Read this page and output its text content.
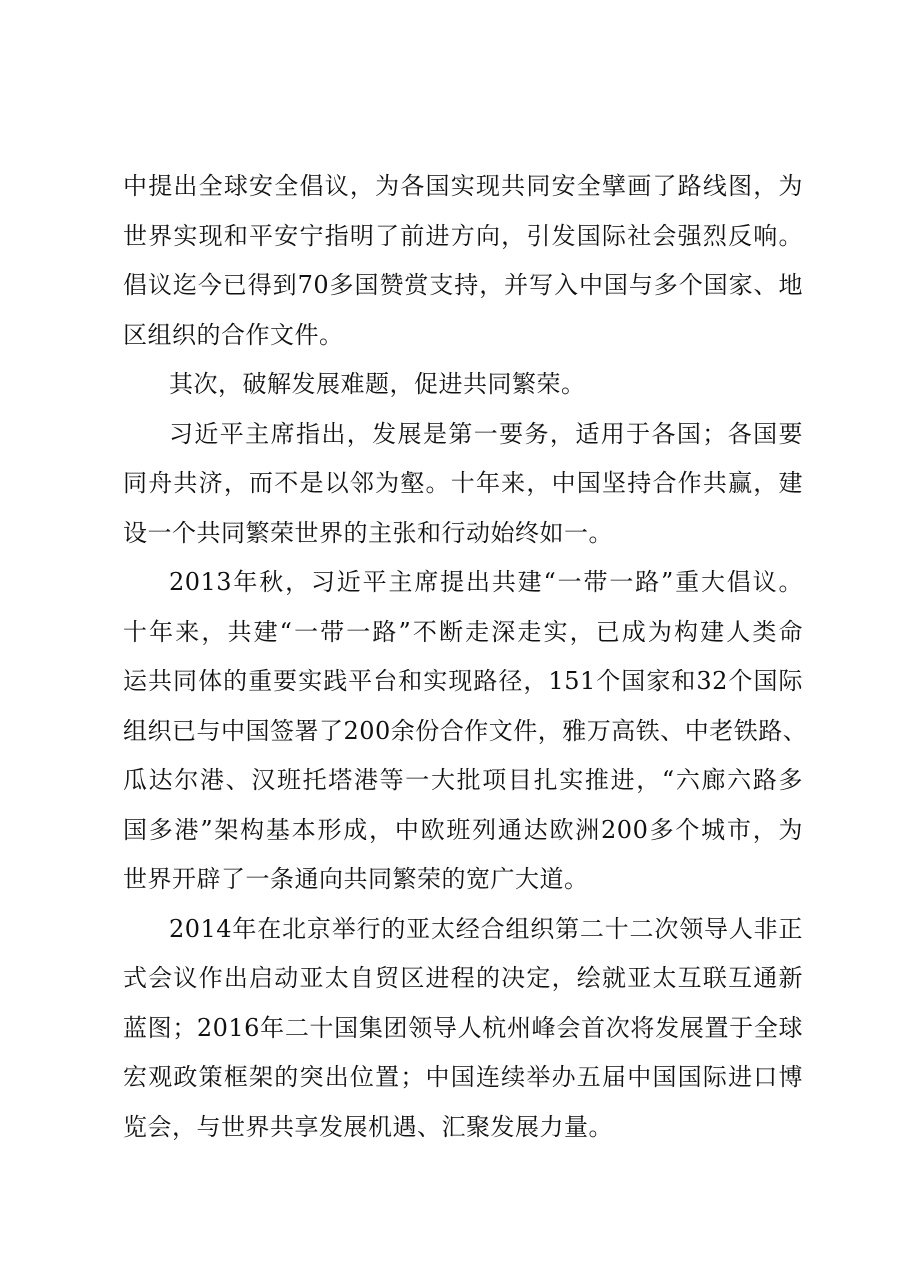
中提出全球安全倡议，为各国实现共同安全擘画了路线图，为
世界实现和平安宁指明了前进方向，引发国际社会强烈反响。
倡议迄今已得到70多国赞赏支持，并写入中国与多个国家、地
区组织的合作文件。
其次，破解发展难题，促进共同繁荣。
习近平主席指出，发展是第一要务，适用于各国；各国要
同舟共济，而不是以邻为壑。十年来，中国坚持合作共赢，建
设一个共同繁荣世界的主张和行动始终如一。
2013年秋，习近平主席提出共建“一带一路”重大倡议。
十年来，共建“一带一路”不断走深走实，已成为构建人类命
运共同体的重要实践平台和实现路径，151个国家和32个国际
组织已与中国签署了200余份合作文件，雅万高铁、中老铁路、
瓜达尔港、汉班托塔港等一大批项目扎实推进，“六廊六路多
国多港”架构基本形成，中欧班列通达欧洲200多个城市，为
世界开辟了一条通向共同繁荣的宽广大道。
2014年在北京举行的亚太经合组织第二十二次领导人非正
式会议作出启动亚太自贸区进程的决定，绘就亚太互联互通新
蓝图；2016年二十国集团领导人杭州峰会首次将发展置于全球
宏观政策框架的突出位置；中国连续举办五届中国国际进口博
览会，与世界共享发展机遇、汇聚发展力量。
